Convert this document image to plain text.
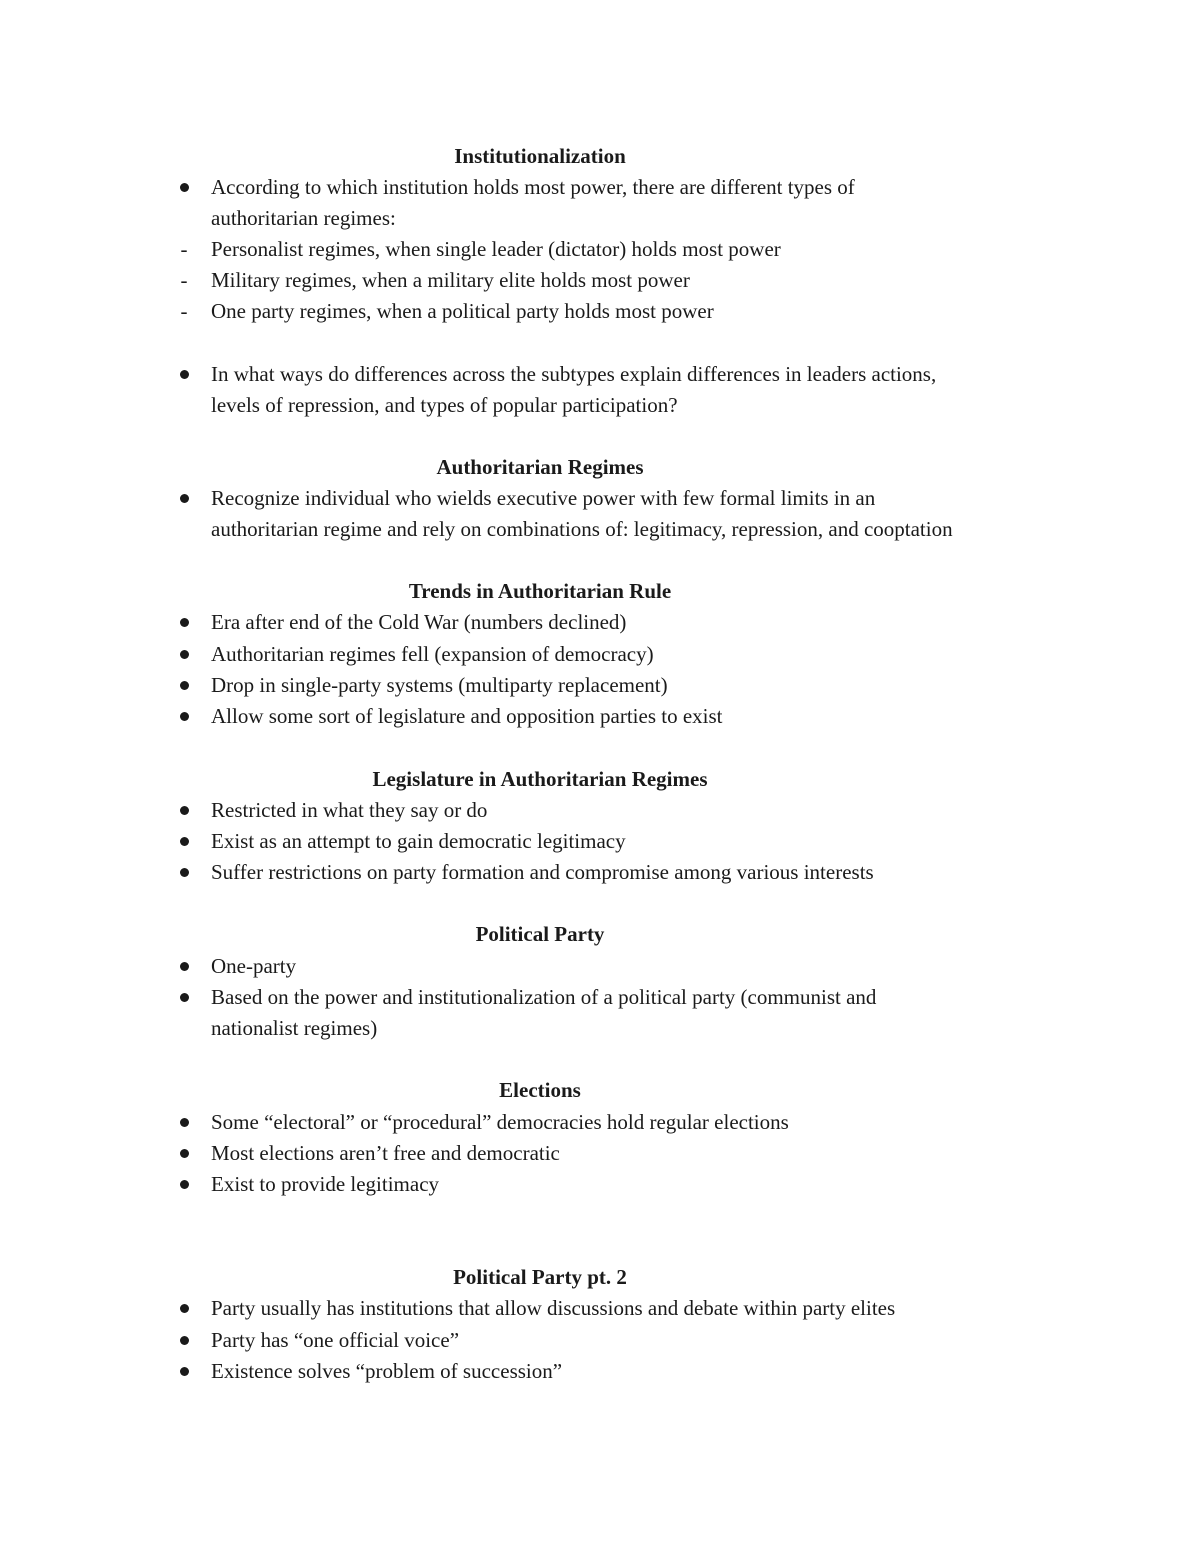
Institutionalization
According to which institution holds most power, there are different types of
authoritarian regimes:
- Personalist regimes, when single leader (dictator) holds most power
- Military regimes, when a military elite holds most power
- One party regimes, when a political party holds most power
In what ways do differences across the subtypes explain differences in leaders actions,
levels of repression, and types of popular participation?
Authoritarian Regimes
Recognize individual who wields executive power with few formal limits in an
authoritarian regime and rely on combinations of: legitimacy, repression, and cooptation
Trends in Authoritarian Rule
Era after end of the Cold War (numbers declined)
Authoritarian regimes fell (expansion of democracy)
Drop in single-party systems (multiparty replacement)
Allow some sort of legislature and opposition parties to exist
Legislature in Authoritarian Regimes
Restricted in what they say or do
Exist as an attempt to gain democratic legitimacy
Suffer restrictions on party formation and compromise among various interests
Political Party
One-party
Based on the power and institutionalization of a political party (communist and
nationalist regimes)
Elections
Some “electoral” or “procedural” democracies hold regular elections
Most elections aren’t free and democratic
Exist to provide legitimacy
Political Party pt. 2
Party usually has institutions that allow discussions and debate within party elites
Party has “one official voice”
Existence solves “problem of succession”
